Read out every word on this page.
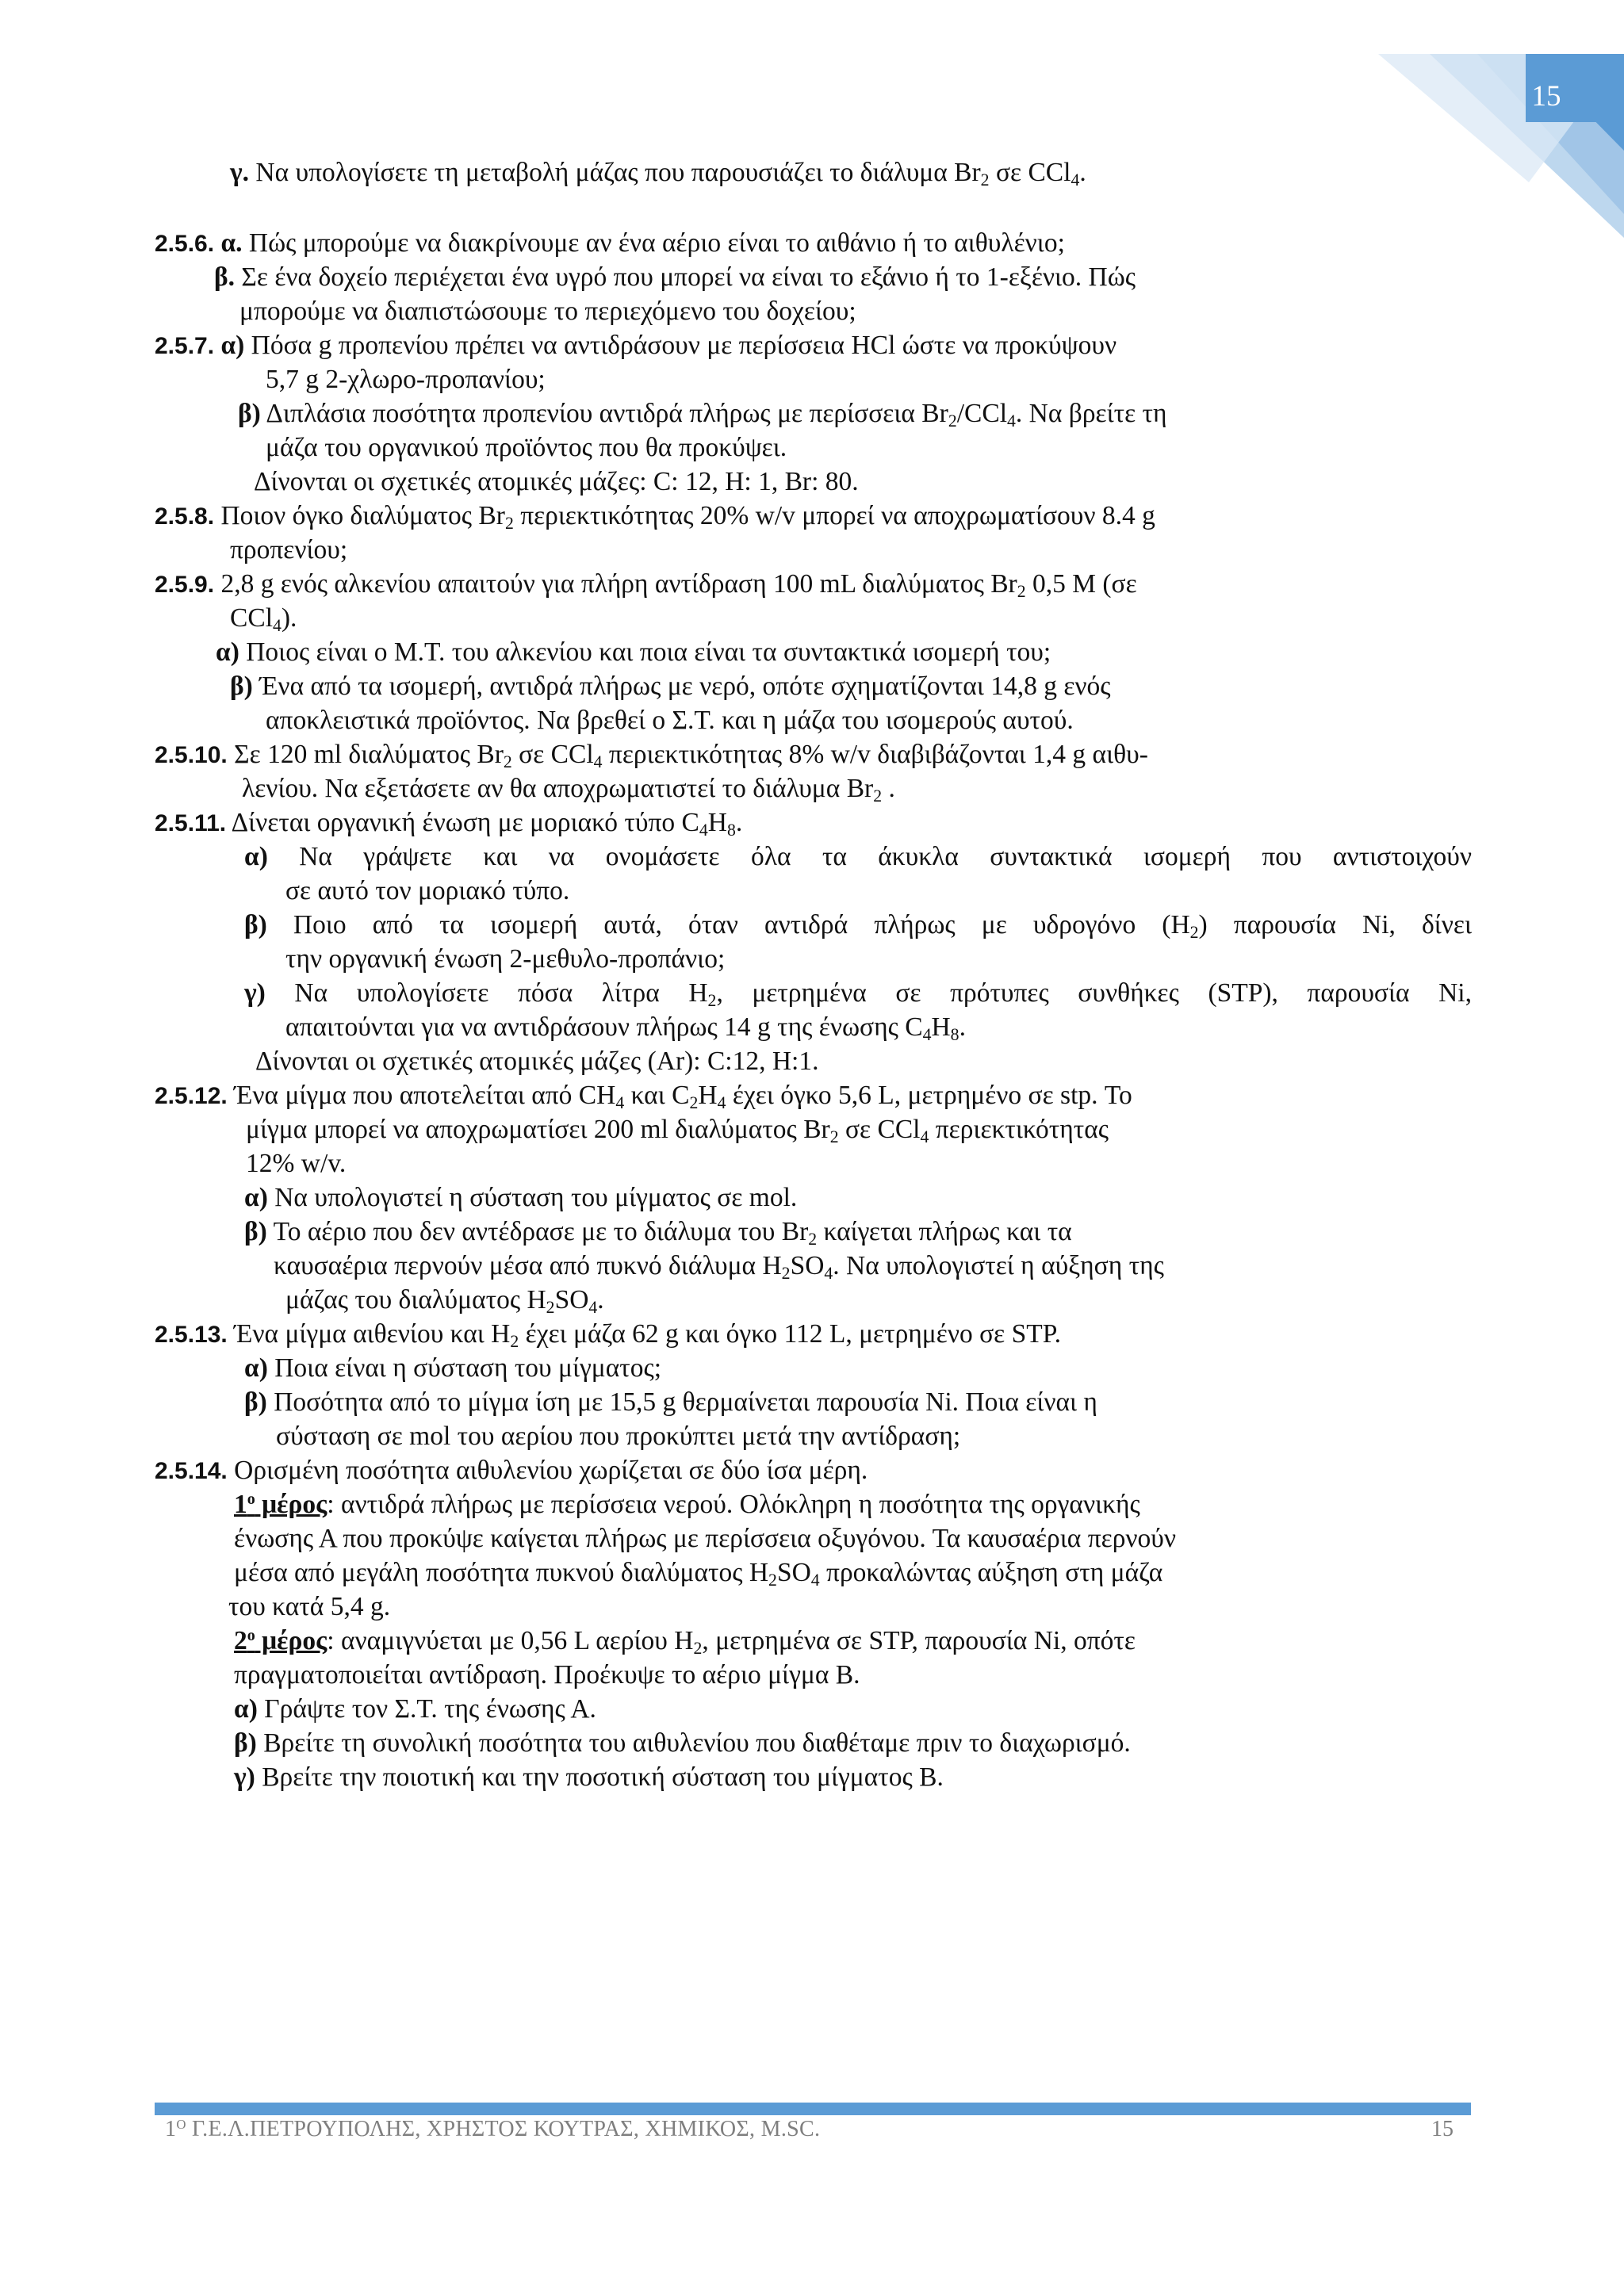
15
γ. Να υπολογίσετε τη μεταβολή μάζας που παρουσιάζει το διάλυμα $Br_2$ σε CCl$_4$.
2.5.6. α. Πώς μπορούμε να διακρίνουμε αν ένα αέριο είναι το αιθάνιο ή το αιθυλένιο;
β. Σε ένα δοχείο περιέχεται ένα υγρό που μπορεί να είναι το εξάνιο ή το 1-εξένιο. Πώς
μπορούμε να διαπιστώσουμε το περιεχόμενο του δοχείου;
2.5.7. α) Πόσα g προπενίου πρέπει να αντιδράσουν με περίσσεια HCl ώστε να προκύψουν
5,7 g 2-χλωρο-προπανίου;
β) Διπλάσια ποσότητα προπενίου αντιδρά πλήρως με περίσσεια $Br_2/CCl_4$. Να βρείτε τη
μάζα του οργανικού προϊόντος που θα προκύψει.
Δίνονται οι σχετικές ατομικές μάζες: C: 12, H: 1, Br: 80.
2.5.8. Ποιον όγκο διαλύματος $Br_2$ περιεκτικότητας 20% w/v μπορεί να αποχρωματίσουν 8.4 g
προπενίου;
2.5.9. 2,8 g ενός αλκενίου απαιτούν για πλήρη αντίδραση 100 mL διαλύματος $Br_2$ 0,5 M (σε
CCl$_4$).
α) Ποιος είναι ο Μ.Τ. του αλκενίου και ποια είναι τα συντακτικά ισομερή του;
β) Ένα από τα ισομερή, αντιδρά πλήρως με νερό, οπότε σχηματίζονται 14,8 g ενός
αποκλειστικά προϊόντος. Να βρεθεί ο Σ.Τ. και η μάζα του ισομερούς αυτού.
2.5.10. Σε 120 ml διαλύματος $Br_2$ σε CCl$_4$ περιεκτικότητας 8% w/v διαβιβάζονται 1,4 g αιθυ-
λενίου. Να εξετάσετε αν θα αποχρωματιστεί το διάλυμα $Br_2$ .
2.5.11. Δίνεται οργανική ένωση με μοριακό τύπο $C_4H_8$.
α) Να γράψετε και να ονομάσετε όλα τα άκυκλα συντακτικά ισομερή που αντιστοιχούν
σε αυτό τον μοριακό τύπο.
β) Ποιο από τα ισομερή αυτά, όταν αντιδρά πλήρως με υδρογόνο $(H_2)$ παρουσία Ni, δίνει
την οργανική ένωση 2-μεθυλο-προπάνιο;
γ) Να υπολογίσετε πόσα λίτρα $H_2$, μετρημένα σε πρότυπες συνθήκες (STP), παρουσία Ni,
απαιτούνται για να αντιδράσουν πλήρως 14 g της ένωσης $C_4H_8$.
Δίνονται οι σχετικές ατομικές μάζες (Ar): C:12, H:1.
2.5.12. Ένα μίγμα που αποτελείται από $CH_4$ και $C_2H_4$ έχει όγκο 5,6 L, μετρημένο σε stp. Το
μίγμα μπορεί να αποχρωματίσει 200 ml διαλύματος $Br_2$ σε CCl$_4$ περιεκτικότητας
12% w/v.
α) Να υπολογιστεί η σύσταση του μίγματος σε mol.
β) Το αέριο που δεν αντέδρασε με το διάλυμα του $Br_2$ καίγεται πλήρως και τα
καυσαέρια περνούν μέσα από πυκνό διάλυμα $H_2SO_4$. Να υπολογιστεί η αύξηση της
μάζας του διαλύματος $H_2SO_4$.
2.5.13. Ένα μίγμα αιθενίου και $H_2$ έχει μάζα 62 g και όγκο 112 L, μετρημένο σε STP.
α) Ποια είναι η σύσταση του μίγματος;
β) Ποσότητα από το μίγμα ίση με 15,5 g θερμαίνεται παρουσία Ni. Ποια είναι η
σύσταση σε mol του αερίου που προκύπτει μετά την αντίδραση;
2.5.14. Ορισμένη ποσότητα αιθυλενίου χωρίζεται σε δύο ίσα μέρη.
$1^o$ μέρος: αντιδρά πλήρως με περίσσεια νερού. Ολόκληρη η ποσότητα της οργανικής
ένωσης Α που προκύψε καίγεται πλήρως με περίσσεια οξυγόνου. Τα καυσαέρια περνούν
μέσα από μεγάλη ποσότητα πυκνού διαλύματος $H_2SO_4$ προκαλώντας αύξηση στη μάζα
του κατά 5,4 g.
$2^o$ μέρος: αναμιγνύεται με 0,56 L αερίου $H_2$, μετρημένα σε STP, παρουσία Ni, οπότε
πραγματοποιείται αντίδραση. Προέκυψε το αέριο μίγμα Β.
α) Γράψτε τον Σ.Τ. της ένωσης Α.
β) Βρείτε τη συνολική ποσότητα του αιθυλενίου που διαθέταμε πριν το διαχωρισμό.
γ) Βρείτε την ποιοτική και την ποσοτική σύσταση του μίγματος Β.
$1^O$ Γ.Ε.Λ.ΠΕΤΡΟΥΠΟΛΗΣ, ΧΡΗΣΤΟΣ ΚΟΥΤΡΑΣ, ΧΗΜΙΚΟΣ, M.SC.	15
